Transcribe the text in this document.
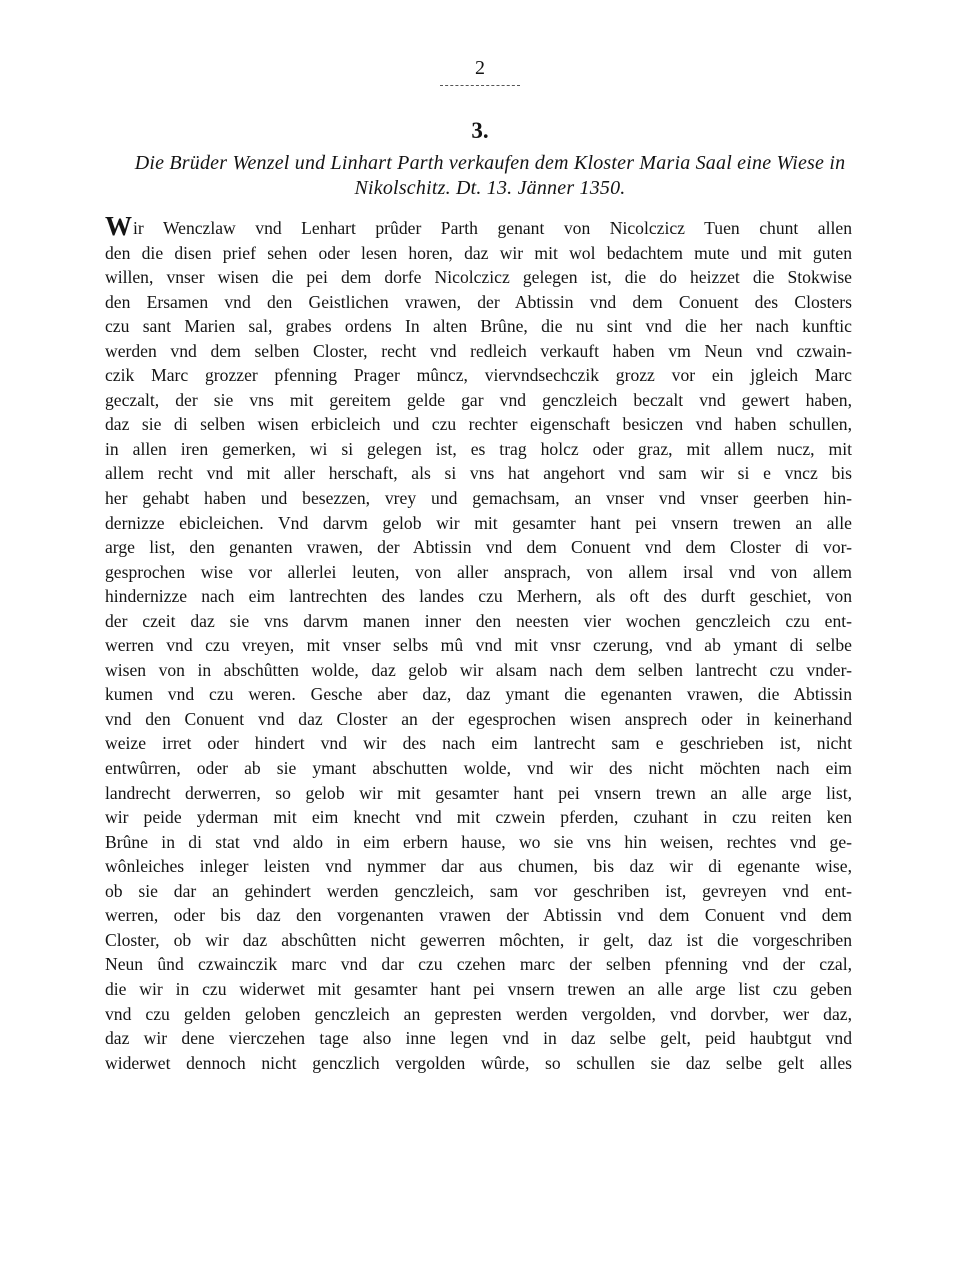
2
3.
Die Brüder Wenzel und Linhart Parth verkaufen dem Kloster Maria Saal eine Wiese in Nikolschitz. Dt. 13. Jänner 1350.
Wir Wenczlaw vnd Lenhart prûder Parth genant von Nicolczicz Tuen chunt allen
den die disen prief sehen oder lesen horen, daz wir mit wol bedachtem mute und mit guten
willen, vnser wisen die pei dem dorfe Nicolczicz gelegen ist, die do heizzet die Stokwise
den Ersamen vnd den Geistlichen vrawen, der Abtissin vnd dem Conuent des Closters
czu sant Marien sal, grabes ordens In alten Brûne, die nu sint vnd die her nach kunftic
werden vnd dem selben Closter, recht vnd redleich verkauft haben vm Neun vnd czwain-
czik Marc grozzer pfenning Prager mûncz, viervndsechczik grozz vor ein jgleich Marc
geczalt, der sie vns mit gereitem gelde gar vnd genczleich beczalt vnd gewert haben,
daz sie di selben wisen erbicleich und czu rechter eigenschaft besiczen vnd haben schullen,
in allen iren gemerken, wi si gelegen ist, es trag holcz oder graz, mit allem nucz, mit
allem recht vnd mit aller herschaft, als si vns hat angehort vnd sam wir si e vncz bis
her gehabt haben und besezzen, vrey und gemachsam, an vnser vnd vnser geerben hin-
dernizze ebicleichen. Vnd darvm gelob wir mit gesamter hant pei vnsern trewen an alle
arge list, den genanten vrawen, der Abtissin vnd dem Conuent vnd dem Closter di vor-
gesprochen wise vor allerlei leuten, von aller ansprach, von allem irsal vnd von allem
hindernizze nach eim lantrechten des landes czu Merhern, als oft des durft geschiet, von
der czeit daz sie vns darvm manen inner den neesten vier wochen genczleich czu ent-
werren vnd czu vreyen, mit vnser selbs mû vnd mit vnsr czerung, vnd ab ymant di selbe
wisen von in abschûtten wolde, daz gelob wir alsam nach dem selben lantrecht czu vnder-
kumen vnd czu weren. Gesche aber daz, daz ymant die egenanten vrawen, die Abtissin
vnd den Conuent vnd daz Closter an der egesprochen wisen ansprech oder in keinerhand
weize irret oder hindert vnd wir des nach eim lantrecht sam e geschrieben ist, nicht
entwûrren, oder ab sie ymant abschutten wolde, vnd wir des nicht möchten nach eim
landrecht derwerren, so gelob wir mit gesamter hant pei vnsern trewn an alle arge list,
wir peide yderman mit eim knecht vnd mit czwein pferden, czuhant in czu reiten ken
Brûne in di stat vnd aldo in eim erbern hause, wo sie vns hin weisen, rechtes vnd ge-
wônleiches inleger leisten vnd nymmer dar aus chumen, bis daz wir di egenante wise,
ob sie dar an gehindert werden genczleich, sam vor geschriben ist, gevreyen vnd ent-
werren, oder bis daz den vorgenanten vrawen der Abtissin vnd dem Conuent vnd dem
Closter, ob wir daz abschûtten nicht gewerren môchten, ir gelt, daz ist die vorgeschriben
Neun ûnd czwainczik marc vnd dar czu czehen marc der selben pfenning vnd der czal,
die wir in czu widerwet mit gesamter hant pei vnsern trewen an alle arge list czu geben
vnd czu gelden geloben genczleich an gepresten werden vergolden, vnd dorvber, wer daz,
daz wir dene vierczehen tage also inne legen vnd in daz selbe gelt, peid haubtgut vnd
widerwet dennoch nicht genczlich vergolden wûrde, so schullen sie daz selbe gelt alles
